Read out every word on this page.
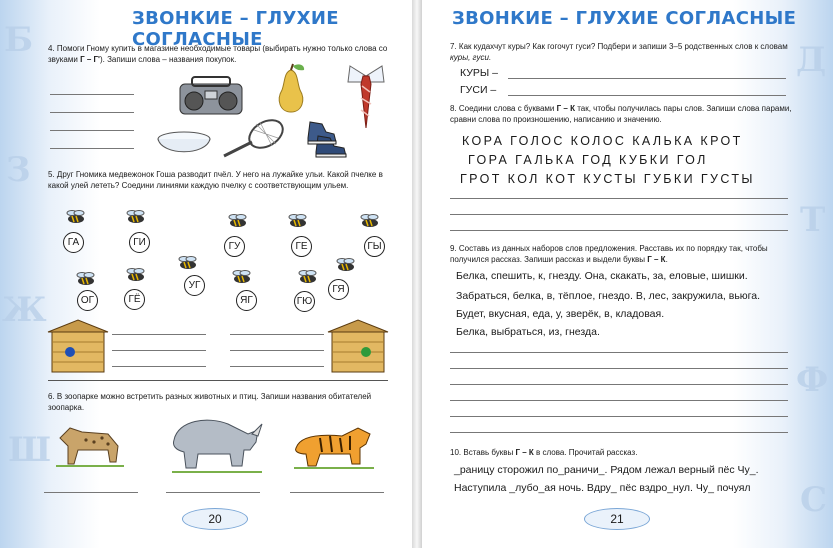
Б
З
Ж
Ш
Д
Т
Ф
С
ЗВОНКИЕ – ГЛУХИЕ СОГЛАСНЫЕ
4. Помоги Гному купить в магазине необходимые товары (выбирать нужно только слова со звуками Г – Г'). Запиши слова – названия покупок.
5. Друг Гномика медвежонок Гоша разводит пчёл. У него на лужайке ульи. Какой пчелке в какой улей лететь? Соедини линиями каждую пчелку с соответствующим ульем.
ГА	ГИ	ГУ	ГЕ	ГЫ
ОГ	ГЁ
УГ
ЯГ	ГЮ
ГЯ
6. В зоопарке можно встретить разных животных и птиц. Запиши названия обитателей зоопарка.
20
ЗВОНКИЕ – ГЛУХИЕ СОГЛАСНЫЕ
7. Как кудахчут куры? Как гогочут гуси? Подбери и запиши 3–5 родственных слов к словам куры, гуси.
КУРЫ –
ГУСИ –
8. Соедини слова с буквами Г – К так, чтобы получилась пары слов. Запиши слова парами, сравни слова по произношению, написанию и значению.
КОРА ГОЛОС КОЛОС КАЛЬКА КРОТ
ГОРА ГАЛЬКА ГОД КУБКИ ГОЛ
ГРОТ КОЛ КОТ КУСТЫ ГУБКИ ГУСТЫ
9. Составь из данных наборов слов предложения. Расставь их по порядку так, чтобы получился рассказ. Запиши рассказ и выдели буквы Г – К.
Белка, спешить, к, гнезду. Она, скакать, за, еловые, шишки.
Забраться, белка, в, тёплое, гнездо. В, лес, закружила, вьюга.
Будет, вкусная, еда, у, зверёк, в, кладовая.
Белка, выбраться, из, гнезда.
10. Вставь буквы Г – К в слова. Прочитай рассказ.
_раницу сторожил по_раничи_. Рядом лежал верный пёс Чу_.
Наступила _лубо_ая ночь. Вдру_ пёс вздро_нул. Чу_ почуял
21
